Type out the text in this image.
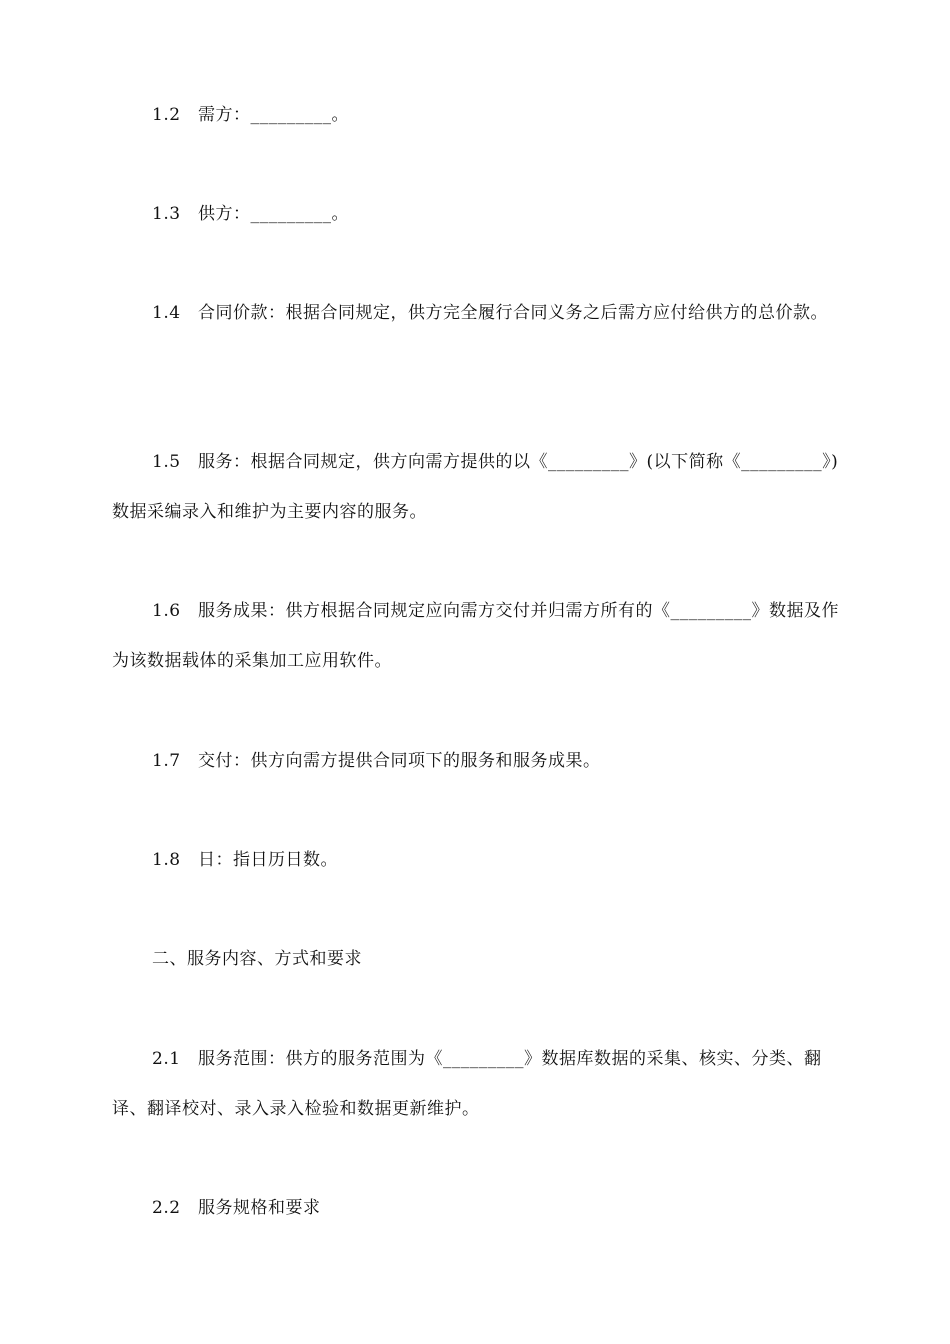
1.2　需方：_________。

1.3　供方：_________。

1.4　合同价款：根据合同规定，供方完全履行合同义务之后需方应付给供方的总价款。

1.5　服务：根据合同规定，供方向需方提供的以《_________》(以下简称《_________》)数据采编录入和维护为主要内容的服务。

1.6　服务成果：供方根据合同规定应向需方交付并归需方所有的《_________》数据及作为该数据载体的采集加工应用软件。

1.7　交付：供方向需方提供合同项下的服务和服务成果。

1.8　日：指日历日数。

二、服务内容、方式和要求

2.1　服务范围：供方的服务范围为《_________》数据库数据的采集、核实、分类、翻译、翻译校对、录入录入检验和数据更新维护。

2.2　服务规格和要求
